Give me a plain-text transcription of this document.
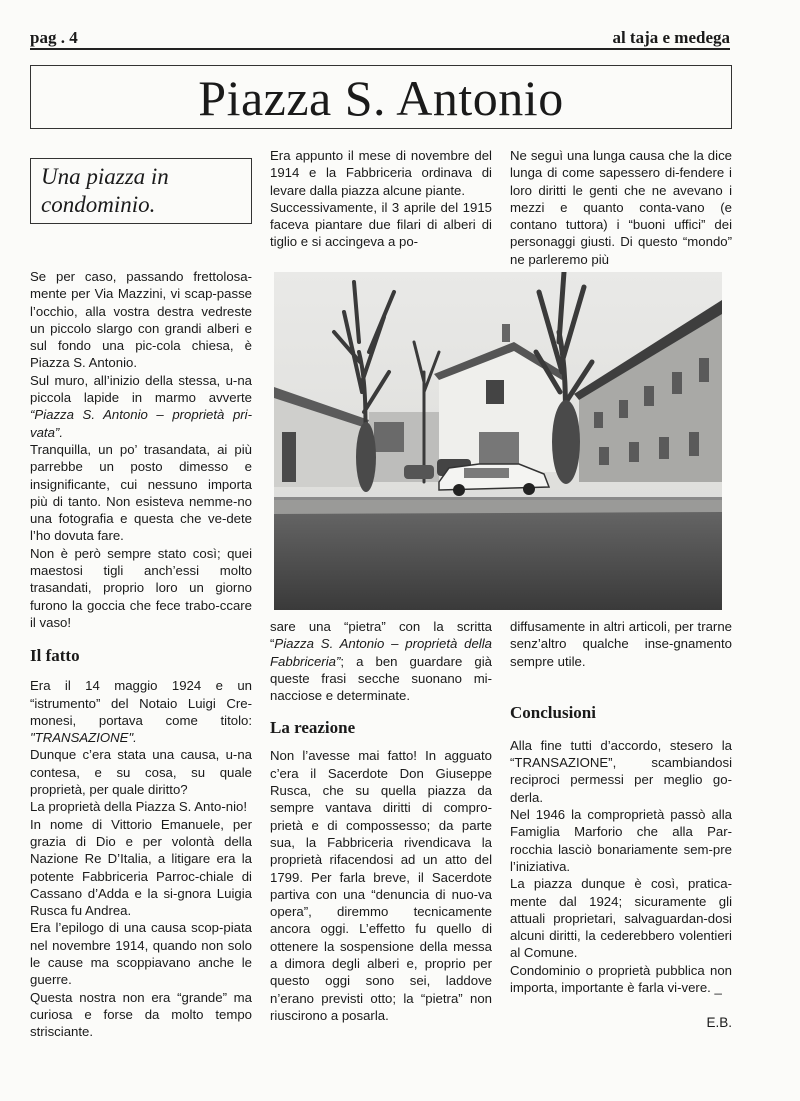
pag . 4	al taja e medega
Piazza S. Antonio
Una piazza in condominio.

Se per caso, passando frettolosa-mente per Via Mazzini, vi scap-passe l’occhio, alla vostra destra vedreste un piccolo slargo con grandi alberi e sul fondo una pic-cola chiesa, è Piazza S. Antonio.

Sul muro, all’inizio della stessa, u-na piccola lapide in marmo avverte “Piazza S. Antonio – proprietà pri-vata”.

Tranquilla, un po’ trasandata, ai più parrebbe un posto dimesso e insignificante, cui nessuno importa più di tanto. Non esisteva nemme-no una fotografia e questa che ve-dete l’ho dovuta fare.

Non è però sempre stato così; quei maestosi tigli anch’essi molto trasandati, proprio loro un giorno furono la goccia che fece trabo-ccare il vaso!

Il fatto

Era il 14 maggio 1924 e un “istrumento” del Notaio Luigi Cre-monesi, portava come titolo: "TRANSAZIONE".

Dunque c’era stata una causa, u-na contesa, e su cosa, su quale proprietà, per quale diritto?

La proprietà della Piazza S. Anto-nio!

In nome di Vittorio Emanuele, per grazia di Dio e per volontà della Nazione Re D’Italia, a litigare era la potente Fabbriceria Parroc-chiale di Cassano d’Adda e la si-gnora Luigia Rusca fu Andrea.

Era l’epilogo di una causa scop-piata nel novembre 1914, quando non solo le cause ma scoppiavano anche le guerre.

Questa nostra non era “grande” ma curiosa e forse da molto tempo strisciante.

Era appunto il mese di novembre del 1914 e la Fabbriceria ordinava di levare dalla piazza alcune piante.

Successivamente, il 3 aprile del 1915 faceva piantare due filari di alberi di tiglio e si accingeva a po-

Ne seguì una lunga causa che la dice lunga di come sapessero di-fendere i loro diritti le genti che ne avevano i mezzi e quanto conta-vano (e contano tuttora) i “buoni uffici” dei personaggi giusti. Di questo “mondo” ne parleremo più

sare una “pietra” con la scritta “Piazza S. Antonio – proprietà della Fabbriceria”; a ben guardare già queste frasi secche suonano mi-nacciose e determinate.

La reazione

Non l’avesse mai fatto! In agguato c’era il Sacerdote Don Giuseppe Rusca, che su quella piazza da sempre vantava diritti di compro-prietà e di compossesso; da parte sua, la Fabbriceria rivendicava la proprietà rifacendosi ad un atto del 1799. Per farla breve, il Sacerdote partiva con una “denuncia di nuo-va opera”, diremmo tecnicamente ancora oggi. L’effetto fu quello di ottenere la sospensione della messa a dimora degli alberi e, proprio per questo oggi sono sei, laddove n’erano previsti otto; la “pietra” non riuscirono a posarla.

diffusamente in altri articoli, per trarne senz’altro qualche inse-gnamento sempre utile.

Conclusioni

Alla fine tutti d’accordo, stesero la “TRANSAZIONE”, scambiandosi reciproci permessi per meglio go-derla.

Nel 1946 la comproprietà passò alla Famiglia Marforio che alla Par-rocchia lasciò bonariamente sem-pre l’iniziativa.

La piazza dunque è così, pratica-mente dal 1924; sicuramente gli attuali proprietari, salvaguardan-dosi alcuni diritti, la cederebbero volentieri al Comune.

Condominio o proprietà pubblica non importa, importante è farla vi-vere. _

E.B.
